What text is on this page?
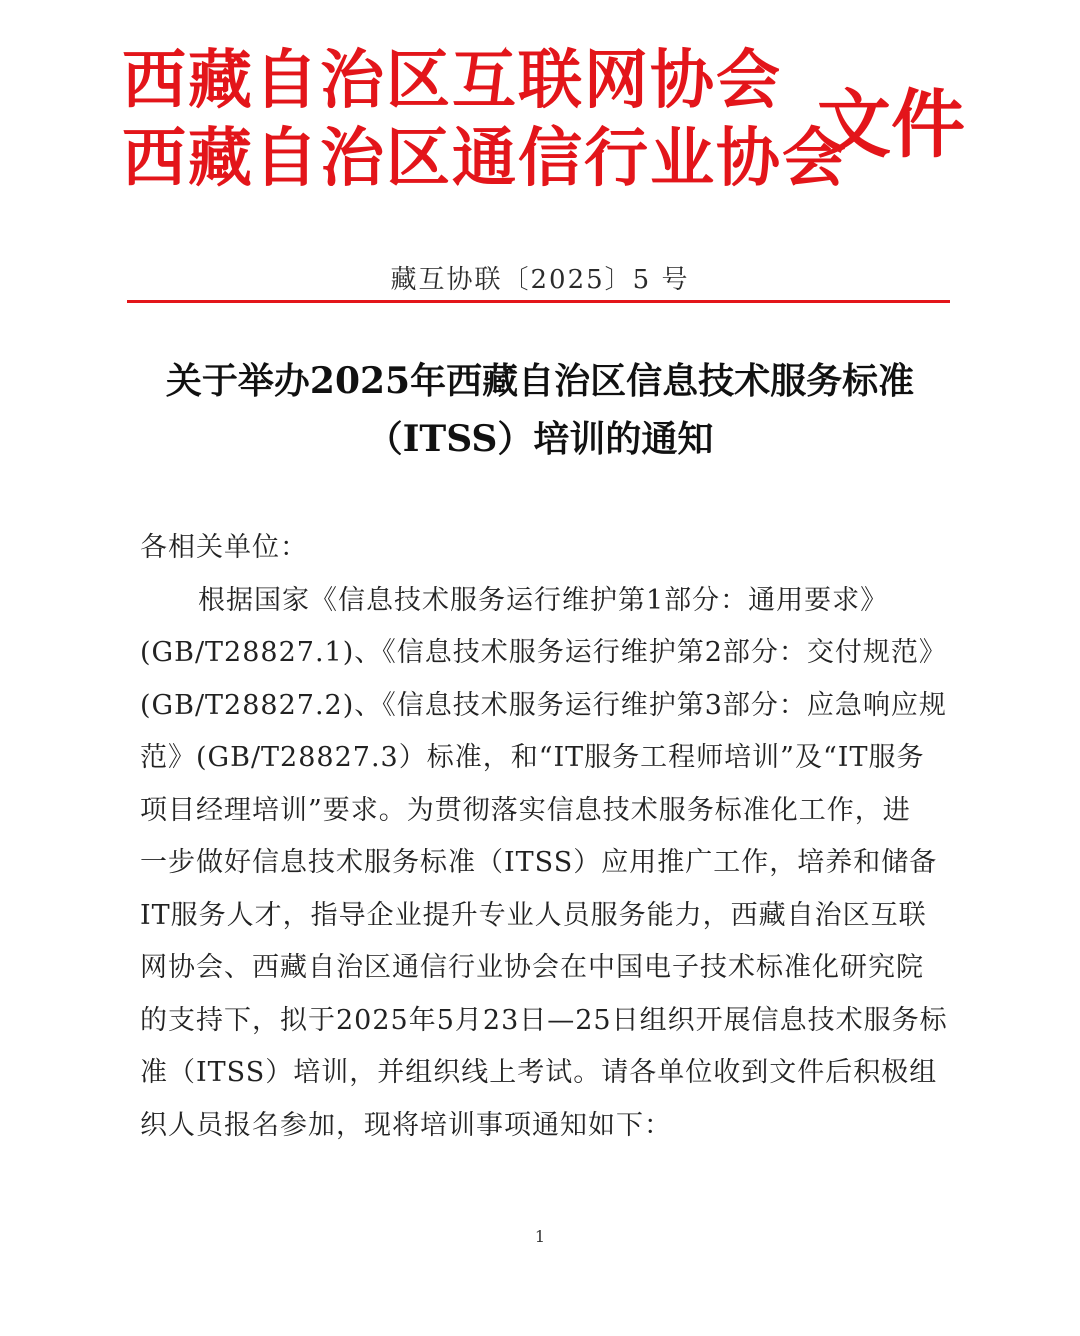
西藏自治区互联网协会
西藏自治区通信行业协会
文件
藏互协联〔2025〕5 号
关于举办2025年西藏自治区信息技术服务标准
（ITSS）培训的通知
各相关单位：
根据国家《信息技术服务运行维护第1部分：通用要求》
(GB/T28827.1)、《信息技术服务运行维护第2部分：交付规范》
(GB/T28827.2)、《信息技术服务运行维护第3部分：应急响应规
范》(GB/T28827.3）标准，和“IT服务工程师培训”及“IT服务
项目经理培训”要求。为贯彻落实信息技术服务标准化工作，进
一步做好信息技术服务标准（ITSS）应用推广工作，培养和储备
IT服务人才，指导企业提升专业人员服务能力，西藏自治区互联
网协会、西藏自治区通信行业协会在中国电子技术标准化研究院
的支持下，拟于2025年5月23日—25日组织开展信息技术服务标
准（ITSS）培训，并组织线上考试。请各单位收到文件后积极组
织人员报名参加，现将培训事项通知如下：
1
